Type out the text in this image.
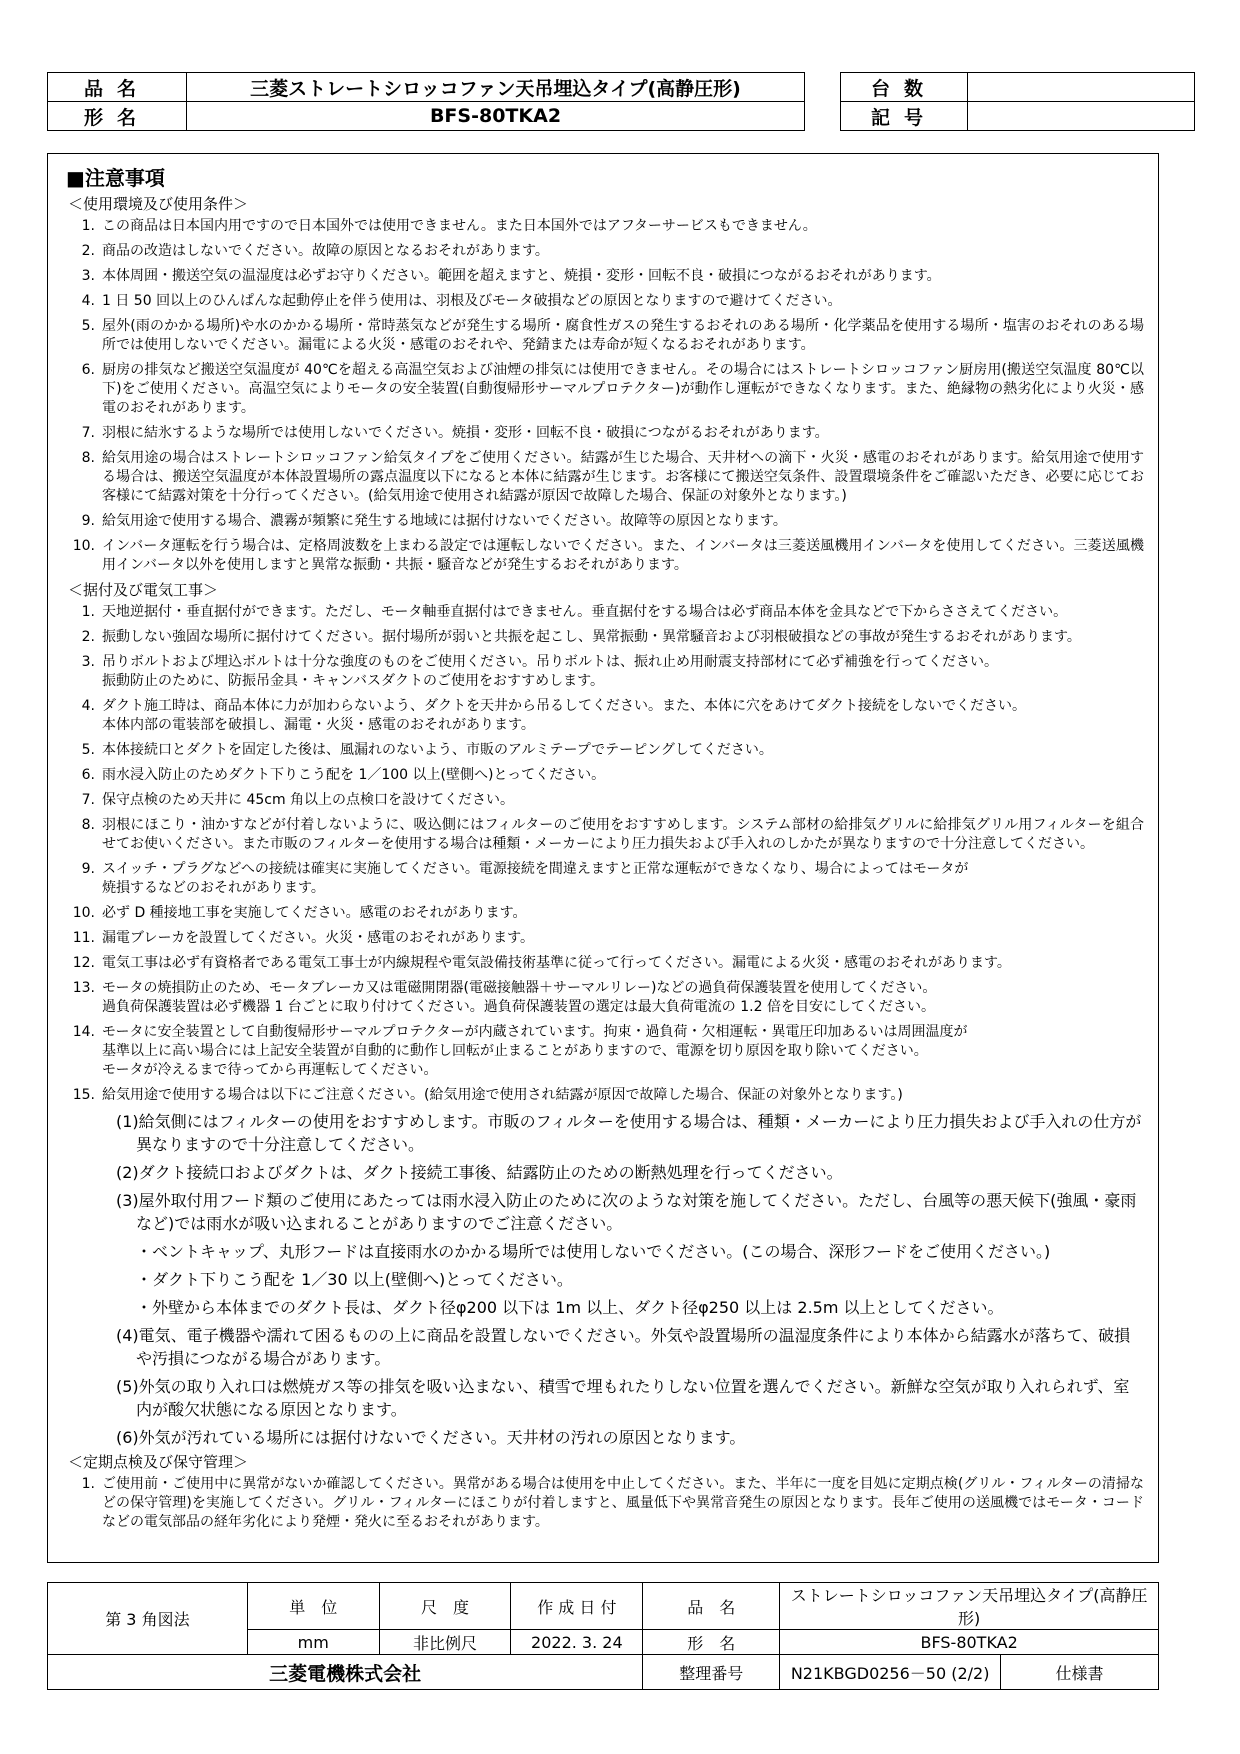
品名	三菱ストレートシロッコファン天吊埋込タイプ(高静圧形)
形名	BFS-80TKA2
台数	
記号	
■注意事項
＜使用環境及び使用条件＞
1. この商品は日本国内用ですので日本国外では使用できません。また日本国外ではアフターサービスもできません。
2. 商品の改造はしないでください。故障の原因となるおそれがあります。
3. 本体周囲・搬送空気の温湿度は必ずお守りください。範囲を超えますと、焼損・変形・回転不良・破損につながるおそれがあります。
4. 1 日 50 回以上のひんぱんな起動停止を伴う使用は、羽根及びモータ破損などの原因となりますので避けてください。
5. 屋外(雨のかかる場所)や水のかかる場所・常時蒸気などが発生する場所・腐食性ガスの発生するおそれのある場所・化学薬品を使用する場所・塩害のおそれのある場所では使用しないでください。漏電による火災・感電のおそれや、発錆または寿命が短くなるおそれがあります。
6. 厨房の排気など搬送空気温度が 40℃を超える高温空気および油煙の排気には使用できません。その場合にはストレートシロッコファン厨房用(搬送空気温度 80℃以下)をご使用ください。高温空気によりモータの安全装置(自動復帰形サーマルプロテクター)が動作し運転ができなくなります。また、絶縁物の熱劣化により火災・感電のおそれがあります。
7. 羽根に結氷するような場所では使用しないでください。焼損・変形・回転不良・破損につながるおそれがあります。
8. 給気用途の場合はストレートシロッコファン給気タイプをご使用ください。結露が生じた場合、天井材への滴下・火災・感電のおそれがあります。給気用途で使用する場合は、搬送空気温度が本体設置場所の露点温度以下になると本体に結露が生じます。お客様にて搬送空気条件、設置環境条件をご確認いただき、必要に応じてお客様にて結露対策を十分行ってください。(給気用途で使用され結露が原因で故障した場合、保証の対象外となります。)
9. 給気用途で使用する場合、濃霧が頻繁に発生する地域には据付けないでください。故障等の原因となります。
10. インバータ運転を行う場合は、定格周波数を上まわる設定では運転しないでください。また、インバータは三菱送風機用インバータを使用してください。三菱送風機用インバータ以外を使用しますと異常な振動・共振・騒音などが発生するおそれがあります。
＜据付及び電気工事＞
1. 天地逆据付・垂直据付ができます。ただし、モータ軸垂直据付はできません。垂直据付をする場合は必ず商品本体を金具などで下からささえてください。
2. 振動しない強固な場所に据付けてください。据付場所が弱いと共振を起こし、異常振動・異常騒音および羽根破損などの事故が発生するおそれがあります。
3. 吊りボルトおよび埋込ボルトは十分な強度のものをご使用ください。吊りボルトは、振れ止め用耐震支持部材にて必ず補強を行ってください。
振動防止のために、防振吊金具・キャンバスダクトのご使用をおすすめします。
4. ダクト施工時は、商品本体に力が加わらないよう、ダクトを天井から吊るしてください。また、本体に穴をあけてダクト接続をしないでください。
本体内部の電装部を破損し、漏電・火災・感電のおそれがあります。
5. 本体接続口とダクトを固定した後は、風漏れのないよう、市販のアルミテープでテーピングしてください。
6. 雨水浸入防止のためダクト下りこう配を 1／100 以上(壁側へ)とってください。
7. 保守点検のため天井に 45cm 角以上の点検口を設けてください。
8. 羽根にほこり・油かすなどが付着しないように、吸込側にはフィルターのご使用をおすすめします。システム部材の給排気グリルに給排気グリル用フィルターを組合せてお使いください。また市販のフィルターを使用する場合は種類・メーカーにより圧力損失および手入れのしかたが異なりますので十分注意してください。
9. スイッチ・プラグなどへの接続は確実に実施してください。電源接続を間違えますと正常な運転ができなくなり、場合によってはモータが
焼損するなどのおそれがあります。
10. 必ず D 種接地工事を実施してください。感電のおそれがあります。
11. 漏電ブレーカを設置してください。火災・感電のおそれがあります。
12. 電気工事は必ず有資格者である電気工事士が内線規程や電気設備技術基準に従って行ってください。漏電による火災・感電のおそれがあります。
13. モータの焼損防止のため、モータブレーカ又は電磁開閉器(電磁接触器＋サーマルリレー)などの過負荷保護装置を使用してください。
過負荷保護装置は必ず機器 1 台ごとに取り付けてください。過負荷保護装置の選定は最大負荷電流の 1.2 倍を目安にしてください。
14. モータに安全装置として自動復帰形サーマルプロテクターが内蔵されています。拘束・過負荷・欠相運転・異電圧印加あるいは周囲温度が
基準以上に高い場合には上記安全装置が自動的に動作し回転が止まることがありますので、電源を切り原因を取り除いてください。
モータが冷えるまで待ってから再運転してください。
15. 給気用途で使用する場合は以下にご注意ください。(給気用途で使用され結露が原因で故障した場合、保証の対象外となります。)
(1)給気側にはフィルターの使用をおすすめします。市販のフィルターを使用する場合は、種類・メーカーにより圧力損失および手入れの仕方が異なりますので十分注意してください。
(2)ダクト接続口およびダクトは、ダクト接続工事後、結露防止のための断熱処理を行ってください。
(3)屋外取付用フード類のご使用にあたっては雨水浸入防止のために次のような対策を施してください。ただし、台風等の悪天候下(強風・豪雨など)では雨水が吸い込まれることがありますのでご注意ください。
・ベントキャップ、丸形フードは直接雨水のかかる場所では使用しないでください。(この場合、深形フードをご使用ください。)
・ダクト下りこう配を 1／30 以上(壁側へ)とってください。
・外壁から本体までのダクト長は、ダクト径φ200 以下は 1m 以上、ダクト径φ250 以上は 2.5m 以上としてください。
(4)電気、電子機器や濡れて困るものの上に商品を設置しないでください。外気や設置場所の温湿度条件により本体から結露水が落ちて、破損や汚損につながる場合があります。
(5)外気の取り入れ口は燃焼ガス等の排気を吸い込まない、積雪で埋もれたりしない位置を選んでください。新鮮な空気が取り入れられず、室内が酸欠状態になる原因となります。
(6)外気が汚れている場所には据付けないでください。天井材の汚れの原因となります。
＜定期点検及び保守管理＞
1. ご使用前・ご使用中に異常がないか確認してください。異常がある場合は使用を中止してください。また、半年に一度を目処に定期点検(グリル・フィルターの清掃などの保守管理)を実施してください。グリル・フィルターにほこりが付着しますと、風量低下や異常音発生の原因となります。長年ご使用の送風機ではモータ・コードなどの電気部品の経年劣化により発煙・発火に至るおそれがあります。
第 3 角図法	単　位	尺　度	作 成 日 付	品　名	ストレートシロッコファン天吊埋込タイプ(高静圧形)	
	mm	非比例尺	2022. 3. 24	形　名	BFS-80TKA2	
三菱電機株式会社				整理番号	N21KBGD0256－50 (2/2)	仕様書
